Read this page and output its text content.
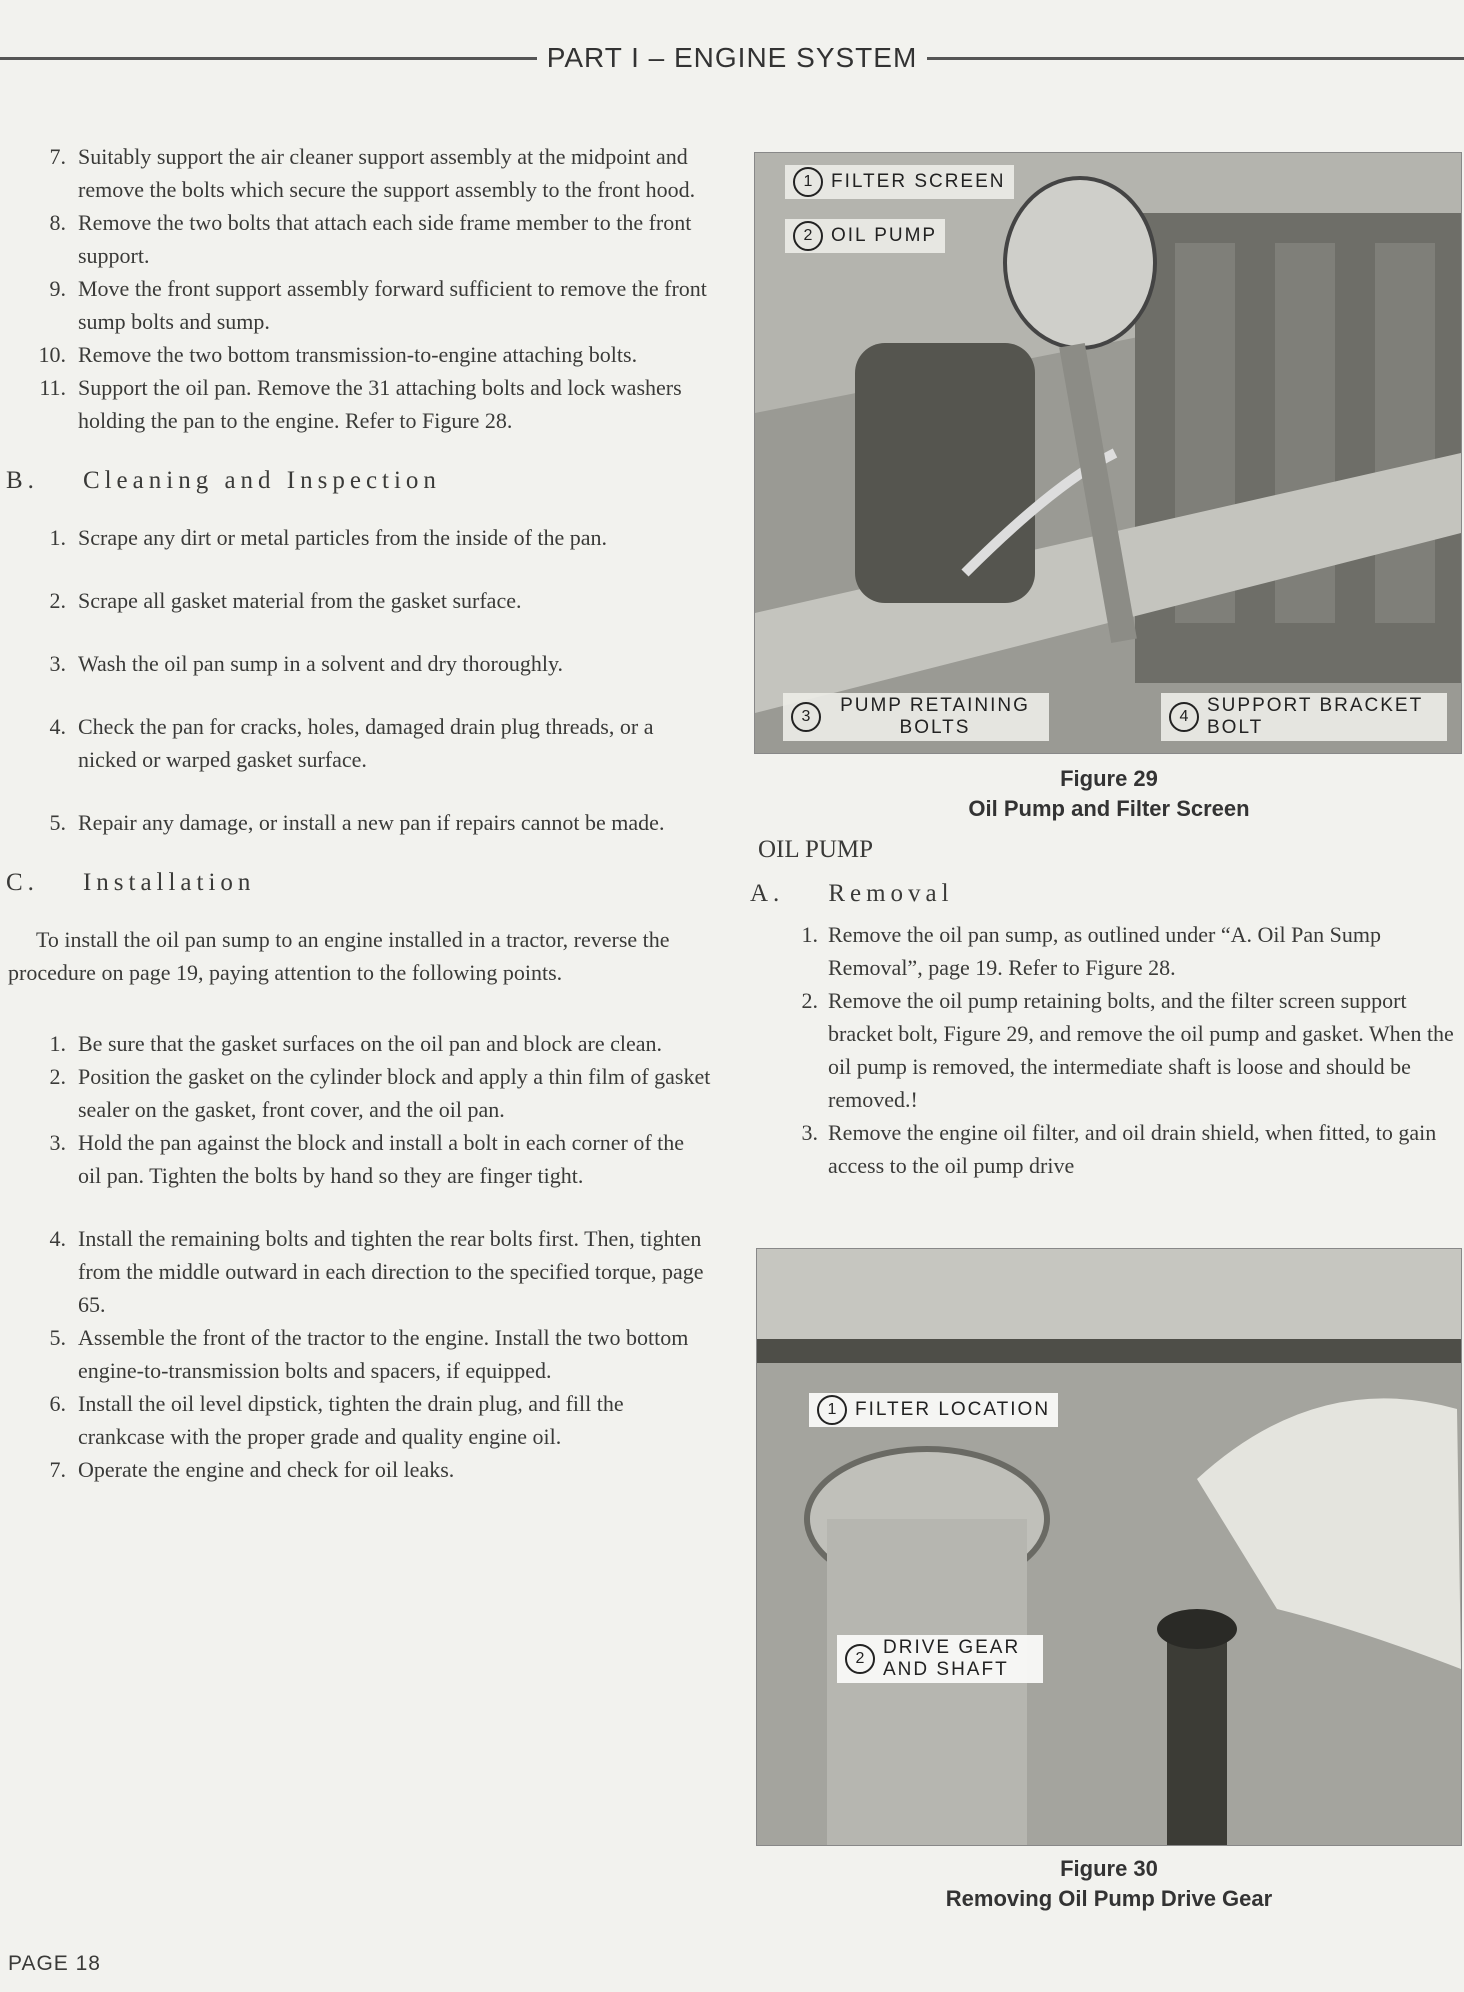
PART I – ENGINE SYSTEM
7. Suitably support the air cleaner support assembly at the midpoint and remove the bolts which secure the support assembly to the front hood.
8. Remove the two bolts that attach each side frame member to the front support.
9. Move the front support assembly forward sufficient to remove the front sump bolts and sump.
10. Remove the two bottom transmission-to-engine attaching bolts.
11. Support the oil pan. Remove the 31 attaching bolts and lock washers holding the pan to the engine. Refer to Figure 28.
B. Cleaning and Inspection
1. Scrape any dirt or metal particles from the inside of the pan.
2. Scrape all gasket material from the gasket surface.
3. Wash the oil pan sump in a solvent and dry thoroughly.
4. Check the pan for cracks, holes, damaged drain plug threads, or a nicked or warped gasket surface.
5. Repair any damage, or install a new pan if repairs cannot be made.
C. Installation

To install the oil pan sump to an engine installed in a tractor, reverse the procedure on page 19, paying attention to the following points.

1. Be sure that the gasket surfaces on the oil pan and block are clean.
2. Position the gasket on the cylinder block and apply a thin film of gasket sealer on the gasket, front cover, and the oil pan.
3. Hold the pan against the block and install a bolt in each corner of the oil pan. Tighten the bolts by hand so they are finger tight.
4. Install the remaining bolts and tighten the rear bolts first. Then, tighten from the middle outward in each direction to the specified torque, page 65.
5. Assemble the front of the tractor to the engine. Install the two bottom engine-to-transmission bolts and spacers, if equipped.
6. Install the oil level dipstick, tighten the drain plug, and fill the crankcase with the proper grade and quality engine oil.
7. Operate the engine and check for oil leaks.
1 FILTER SCREEN
2 OIL PUMP
3
PUMP RETAINING BOLTS
4
SUPPORT BRACKET BOLT
Figure 29
Oil Pump and Filter Screen
OIL PUMP
A. Removal
1. Remove the oil pan sump, as outlined under “A. Oil Pan Sump Removal”, page 19. Refer to Figure 28.
2. Remove the oil pump retaining bolts, and the filter screen support bracket bolt, Figure 29, and remove the oil pump and gasket. When the oil pump is removed, the intermediate shaft is loose and should be removed.!
3. Remove the engine oil filter, and oil drain shield, when fitted, to gain access to the oil pump drive
1 FILTER LOCATION
2
DRIVE GEAR AND SHAFT
Figure 30
Removing Oil Pump Drive Gear
PAGE 18
